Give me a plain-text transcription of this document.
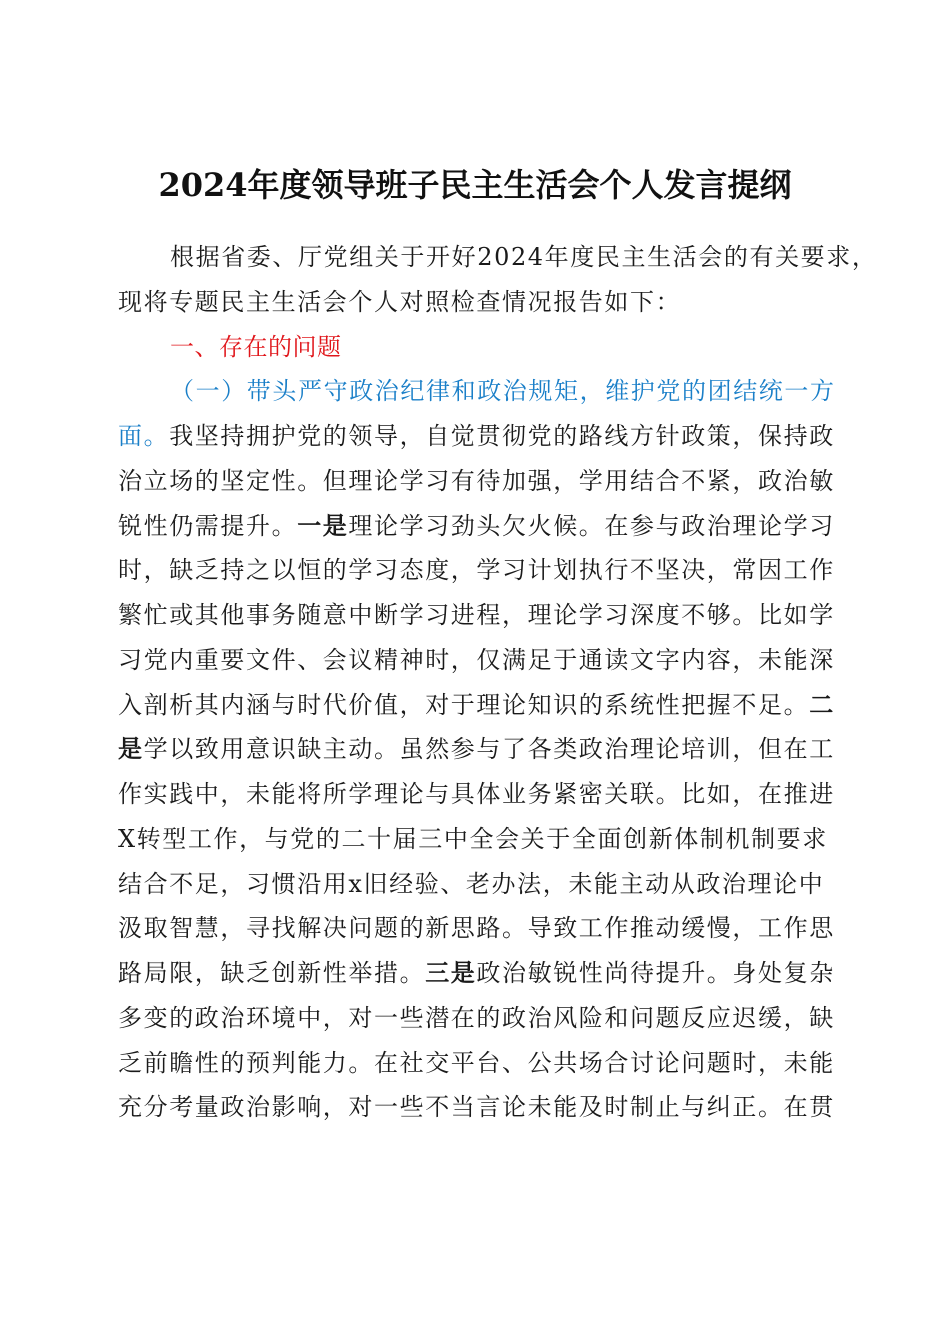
2024年度领导班子民主生活会个人发言提纲
根据省委、厅党组关于开好2024年度民主生活会的有关要求，
现将专题民主生活会个人对照检查情况报告如下：
一、存在的问题
（一）带头严守政治纪律和政治规矩，维护党的团结统一方
面。我坚持拥护党的领导，自觉贯彻党的路线方针政策，保持政
治立场的坚定性。但理论学习有待加强，学用结合不紧，政治敏
锐性仍需提升。一是理论学习劲头欠火候。在参与政治理论学习
时，缺乏持之以恒的学习态度，学习计划执行不坚决，常因工作
繁忙或其他事务随意中断学习进程，理论学习深度不够。比如学
习党内重要文件、会议精神时，仅满足于通读文字内容，未能深
入剖析其内涵与时代价值，对于理论知识的系统性把握不足。二
是学以致用意识缺主动。虽然参与了各类政治理论培训，但在工
作实践中，未能将所学理论与具体业务紧密关联。比如，在推进
X转型工作，与党的二十届三中全会关于全面创新体制机制要求
结合不足，习惯沿用x旧经验、老办法，未能主动从政治理论中
汲取智慧，寻找解决问题的新思路。导致工作推动缓慢，工作思
路局限，缺乏创新性举措。三是政治敏锐性尚待提升。身处复杂
多变的政治环境中，对一些潜在的政治风险和问题反应迟缓，缺
乏前瞻性的预判能力。在社交平台、公共场合讨论问题时，未能
充分考量政治影响，对一些不当言论未能及时制止与纠正。在贯
